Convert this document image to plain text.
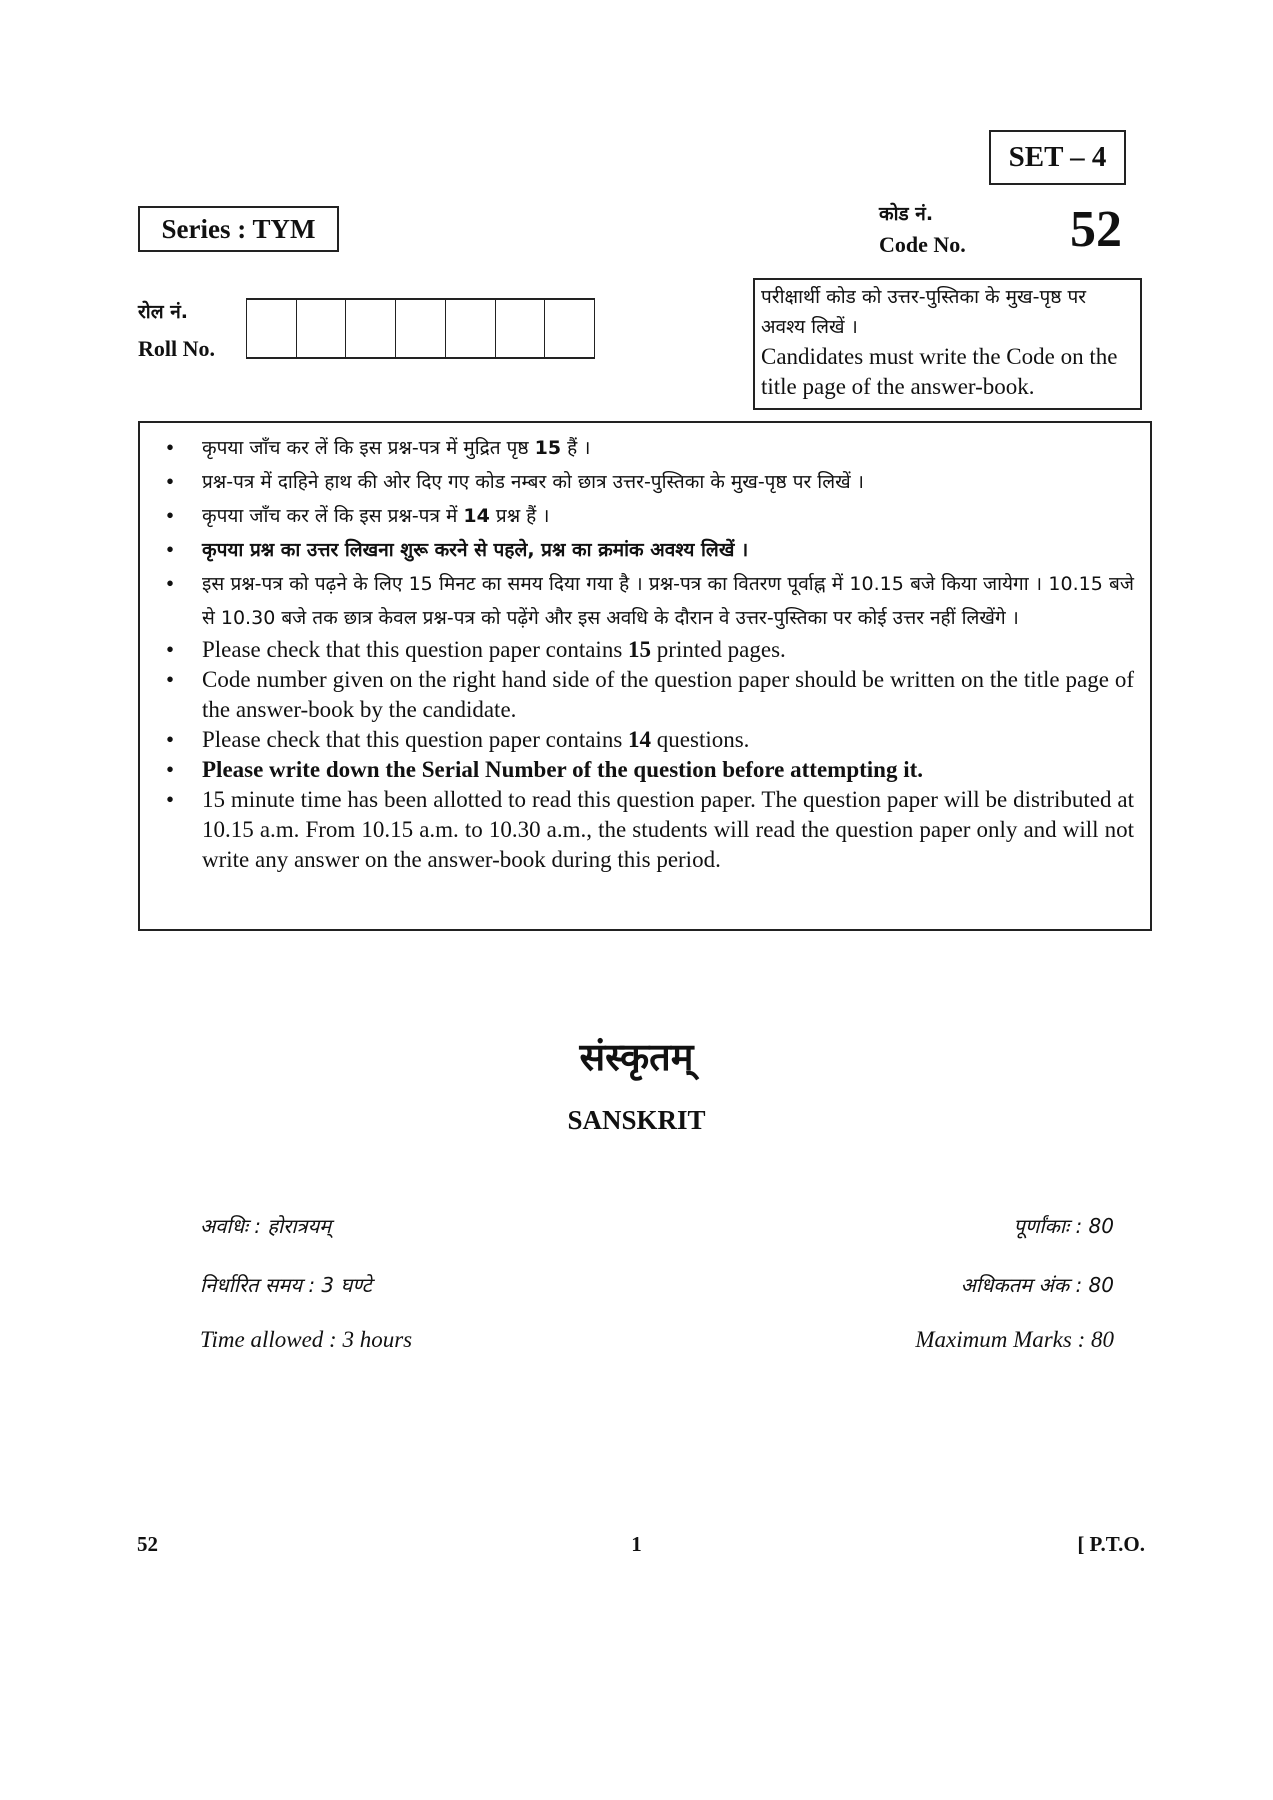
SET – 4
Series : TYM	कोड नं.
Code No. 52
रोल नं.
Roll No.
परीक्षार्थी कोड को उत्तर-पुस्तिका के मुख-पृष्ठ पर अवश्य लिखें ।
Candidates must write the Code on the title page of the answer-book.
•	कृपया जाँच कर लें कि इस प्रश्न-पत्र में मुद्रित पृष्ठ 15 हैं ।
•	प्रश्न-पत्र में दाहिने हाथ की ओर दिए गए कोड नम्बर को छात्र उत्तर-पुस्तिका के मुख-पृष्ठ पर लिखें ।
•	कृपया जाँच कर लें कि इस प्रश्न-पत्र में 14 प्रश्न हैं ।
•	कृपया प्रश्न का उत्तर लिखना शुरू करने से पहले, प्रश्न का क्रमांक अवश्य लिखें ।
•	इस प्रश्न-पत्र को पढ़ने के लिए 15 मिनट का समय दिया गया है । प्रश्न-पत्र का वितरण पूर्वाह्न में 10.15 बजे किया जायेगा । 10.15 बजे से 10.30 बजे तक छात्र केवल प्रश्न-पत्र को पढ़ेंगे और इस अवधि के दौरान वे उत्तर-पुस्तिका पर कोई उत्तर नहीं लिखेंगे ।
•	Please check that this question paper contains 15 printed pages.
•	Code number given on the right hand side of the question paper should be written on the title page of the answer-book by the candidate.
•	Please check that this question paper contains 14 questions.
•	Please write down the Serial Number of the question before attempting it.
•	15 minute time has been allotted to read this question paper. The question paper will be distributed at 10.15 a.m. From 10.15 a.m. to 10.30 a.m., the students will read the question paper only and will not write any answer on the answer-book during this period.
संस्कृतम्
SANSKRIT
अवधिः : होरात्रयम्	पूर्णांकाः : 80
निर्धारित समय : 3 घण्टे	अधिकतम अंक : 80
Time allowed : 3 hours	Maximum Marks : 80
52	1	[ P.T.O.
